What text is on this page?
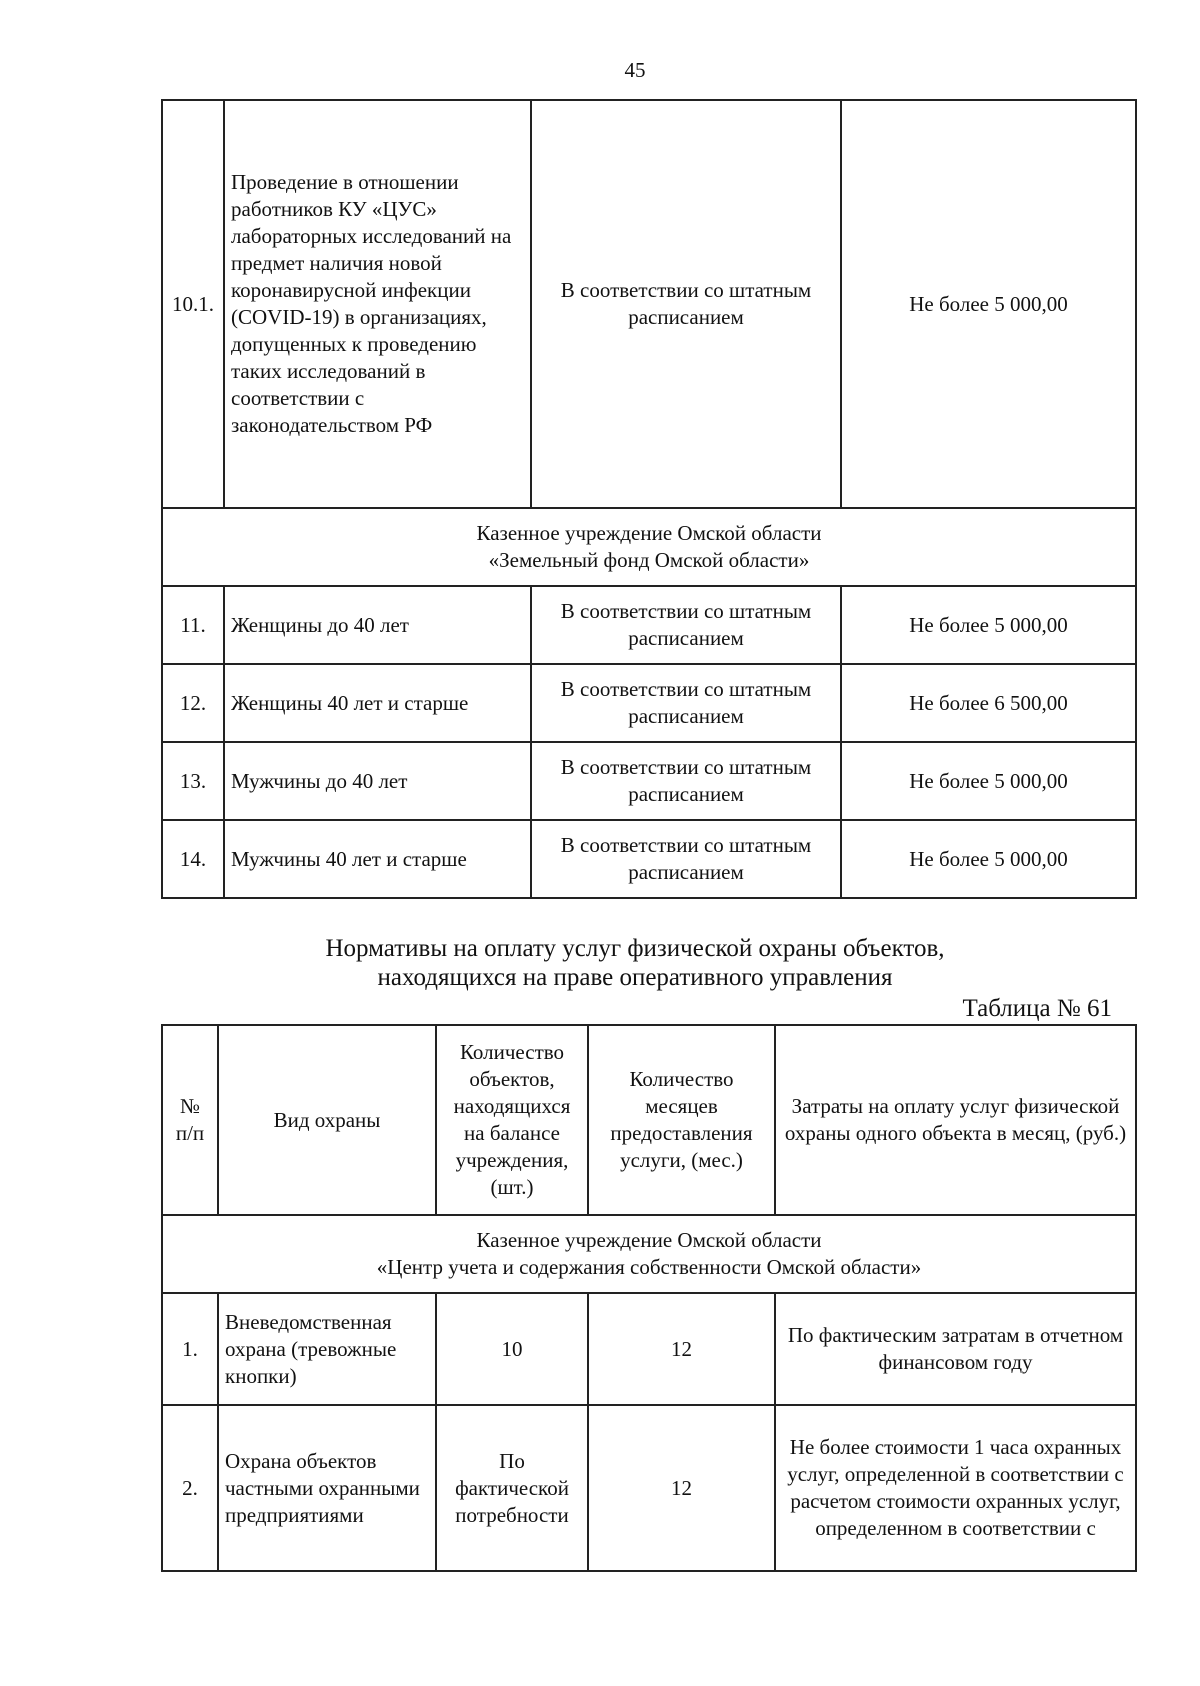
45
10.1.	Проведение в отношении работников КУ «ЦУС» лабораторных исследований на предмет наличия новой коронавирусной инфекции (COVID-19) в организациях, допущенных к проведению таких исследований в соответствии с законодательством РФ	В соответствии со штатным расписанием	Не более 5 000,00

Казенное учреждение Омской области
«Земельный фонд Омской области»			

11.	Женщины до 40 лет	В соответствии со штатным расписанием	Не более 5 000,00
12.	Женщины 40 лет и старше	В соответствии со штатным расписанием	Не более 6 500,00
13.	Мужчины до 40 лет	В соответствии со штатным расписанием	Не более 5 000,00
14.	Мужчины 40 лет и старше	В соответствии со штатным расписанием	Не более 5 000,00
Нормативы на оплату услуг физической охраны объектов,
находящихся на праве оперативного управления
Таблица № 61
№ п/п	Вид охраны	Количество объектов, находящихся на балансе учреждения, (шт.)	Количество месяцев предоставления услуги, (мес.)	Затраты на оплату услуг физической охраны одного объекта в месяц, (руб.)

Казенное учреждение Омской области
«Центр учета и содержания собственности Омской области»				

1.	Вневедомственная охрана (тревожные кнопки)	10	12	По фактическим затратам в отчетном финансовом году
2.	Охрана объектов частными охранными предприятиями	По фактической потребности	12	Не более стоимости 1 часа охранных услуг, определенной в соответствии с расчетом стоимости охранных услуг, определенном в соответствии с
